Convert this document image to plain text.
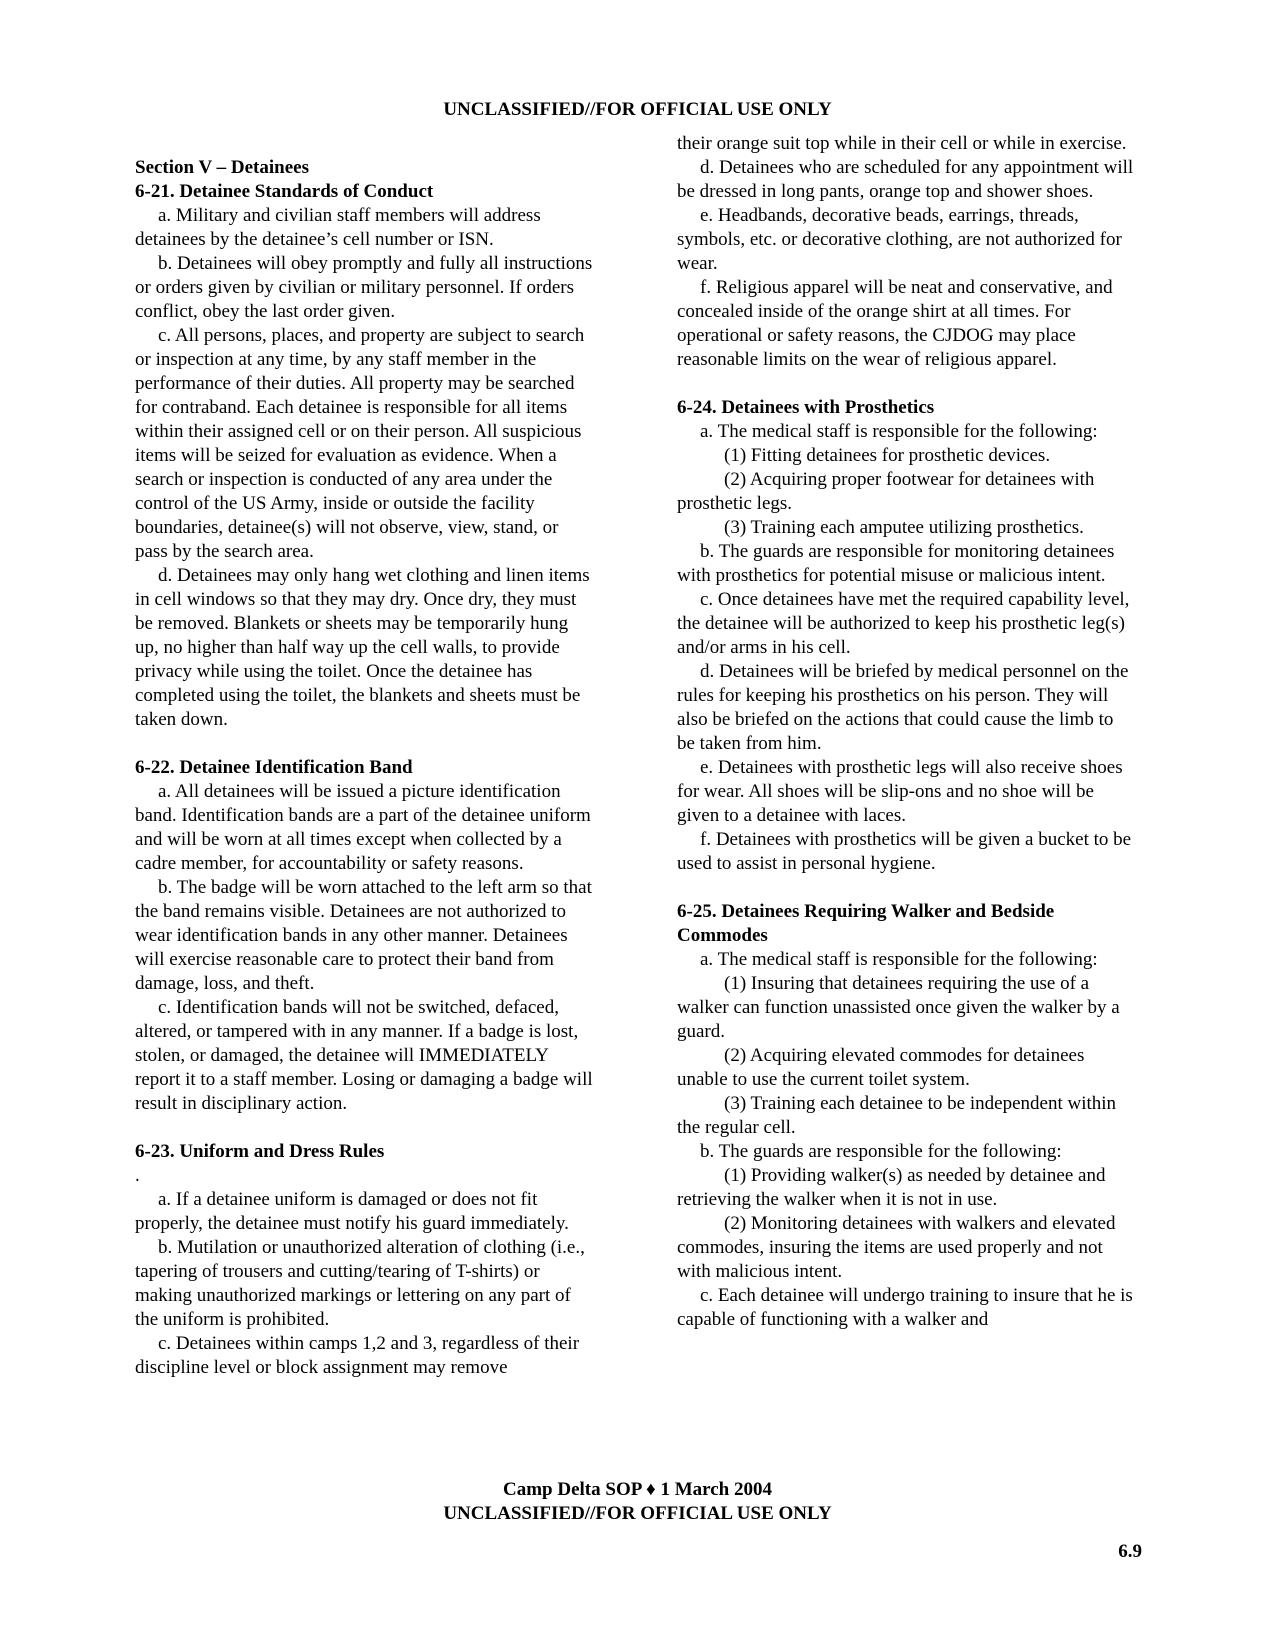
UNCLASSIFIED//FOR OFFICIAL USE ONLY

Section V – Detainees

6-21. Detainee Standards of Conduct

a. Military and civilian staff members will address detainees by the detainee’s cell number or ISN.

b. Detainees will obey promptly and fully all instructions or orders given by civilian or military personnel. If orders conflict, obey the last order given.

c. All persons, places, and property are subject to search or inspection at any time, by any staff member in the performance of their duties. All property may be searched for contraband. Each detainee is responsible for all items within their assigned cell or on their person. All suspicious items will be seized for evaluation as evidence. When a search or inspection is conducted of any area under the control of the US Army, inside or outside the facility boundaries, detainee(s) will not observe, view, stand, or pass by the search area.

d. Detainees may only hang wet clothing and linen items in cell windows so that they may dry. Once dry, they must be removed. Blankets or sheets may be temporarily hung up, no higher than half way up the cell walls, to provide privacy while using the toilet. Once the detainee has completed using the toilet, the blankets and sheets must be taken down.

6-22. Detainee Identification Band

a. All detainees will be issued a picture identification band. Identification bands are a part of the detainee uniform and will be worn at all times except when collected by a cadre member, for accountability or safety reasons.

b. The badge will be worn attached to the left arm so that the band remains visible. Detainees are not authorized to wear identification bands in any other manner. Detainees will exercise reasonable care to protect their band from damage, loss, and theft.

c. Identification bands will not be switched, defaced, altered, or tampered with in any manner. If a badge is lost, stolen, or damaged, the detainee will IMMEDIATELY report it to a staff member. Losing or damaging a badge will result in disciplinary action.

6-23. Uniform and Dress Rules

.

a. If a detainee uniform is damaged or does not fit properly, the detainee must notify his guard immediately.

b. Mutilation or unauthorized alteration of clothing (i.e., tapering of trousers and cutting/tearing of T-shirts) or making unauthorized markings or lettering on any part of the uniform is prohibited.

c. Detainees within camps 1,2 and 3, regardless of their discipline level or block assignment may remove

their orange suit top while in their cell or while in exercise.

d. Detainees who are scheduled for any appointment will be dressed in long pants, orange top and shower shoes.

e. Headbands, decorative beads, earrings, threads, symbols, etc. or decorative clothing, are not authorized for wear.

f. Religious apparel will be neat and conservative, and concealed inside of the orange shirt at all times. For operational or safety reasons, the CJDOG may place reasonable limits on the wear of religious apparel.

6-24. Detainees with Prosthetics

a. The medical staff is responsible for the following:

(1) Fitting detainees for prosthetic devices.

(2) Acquiring proper footwear for detainees with prosthetic legs.

(3) Training each amputee utilizing prosthetics.

b. The guards are responsible for monitoring detainees with prosthetics for potential misuse or malicious intent.

c. Once detainees have met the required capability level, the detainee will be authorized to keep his prosthetic leg(s) and/or arms in his cell.

d. Detainees will be briefed by medical personnel on the rules for keeping his prosthetics on his person. They will also be briefed on the actions that could cause the limb to be taken from him.

e. Detainees with prosthetic legs will also receive shoes for wear. All shoes will be slip-ons and no shoe will be given to a detainee with laces.

f. Detainees with prosthetics will be given a bucket to be used to assist in personal hygiene.

6-25. Detainees Requiring Walker and Bedside Commodes

a. The medical staff is responsible for the following:

(1) Insuring that detainees requiring the use of a walker can function unassisted once given the walker by a guard.

(2) Acquiring elevated commodes for detainees unable to use the current toilet system.

(3) Training each detainee to be independent within the regular cell.

b. The guards are responsible for the following:

(1) Providing walker(s) as needed by detainee and retrieving the walker when it is not in use.

(2) Monitoring detainees with walkers and elevated commodes, insuring the items are used properly and not with malicious intent.

c. Each detainee will undergo training to insure that he is capable of functioning with a walker and

Camp Delta SOP ♦ 1 March 2004
UNCLASSIFIED//FOR OFFICIAL USE ONLY
6.9
